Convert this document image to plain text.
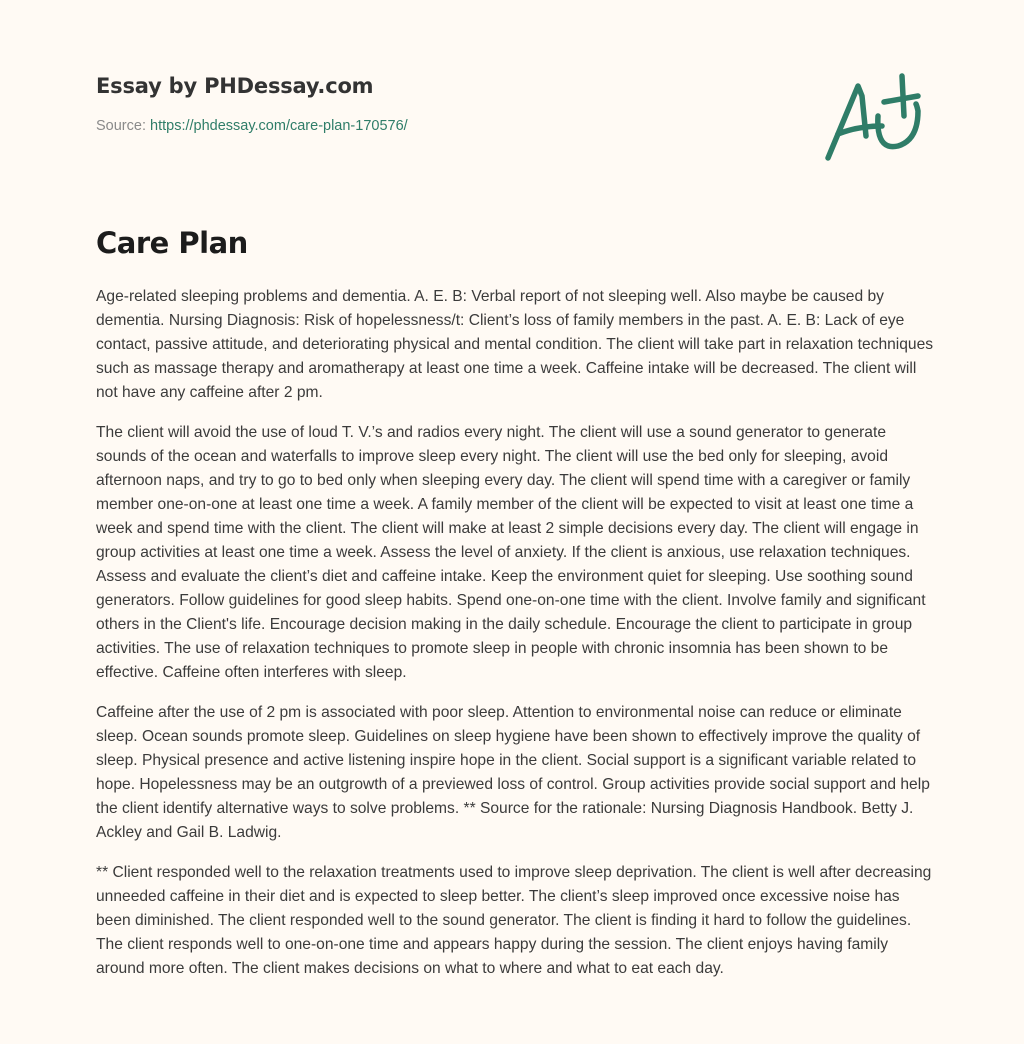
Essay by PHDessay.com
Source: https://phdessay.com/care-plan-170576/
Care Plan

Age-related sleeping problems and dementia. A. E. B: Verbal report of not sleeping well. Also maybe be caused by dementia. Nursing Diagnosis: Risk of hopelessness/t: Client’s loss of family members in the past. A. E. B: Lack of eye contact, passive attitude, and deteriorating physical and mental condition. The client will take part in relaxation techniques such as massage therapy and aromatherapy at least one time a week. Caffeine intake will be decreased. The client will not have any caffeine after 2 pm.

The client will avoid the use of loud T. V.’s and radios every night. The client will use a sound generator to generate sounds of the ocean and waterfalls to improve sleep every night. The client will use the bed only for sleeping, avoid afternoon naps, and try to go to bed only when sleeping every day. The client will spend time with a caregiver or family member one-on-one at least one time a week. A family member of the client will be expected to visit at least one time a week and spend time with the client. The client will make at least 2 simple decisions every day. The client will engage in group activities at least one time a week. Assess the level of anxiety. If the client is anxious, use relaxation techniques. Assess and evaluate the client’s diet and caffeine intake. Keep the environment quiet for sleeping. Use soothing sound generators. Follow guidelines for good sleep habits. Spend one-on-one time with the client. Involve family and significant others in the Client's life. Encourage decision making in the daily schedule. Encourage the client to participate in group activities. The use of relaxation techniques to promote sleep in people with chronic insomnia has been shown to be effective. Caffeine often interferes with sleep.

Caffeine after the use of 2 pm is associated with poor sleep. Attention to environmental noise can reduce or eliminate sleep. Ocean sounds promote sleep. Guidelines on sleep hygiene have been shown to effectively improve the quality of sleep. Physical presence and active listening inspire hope in the client. Social support is a significant variable related to hope. Hopelessness may be an outgrowth of a previewed loss of control. Group activities provide social support and help the client identify alternative ways to solve problems. ** Source for the rationale: Nursing Diagnosis Handbook. Betty J. Ackley and Gail B. Ladwig.

** Client responded well to the relaxation treatments used to improve sleep deprivation. The client is well after decreasing unneeded caffeine in their diet and is expected to sleep better. The client’s sleep improved once excessive noise has been diminished. The client responded well to the sound generator. The client is finding it hard to follow the guidelines. The client responds well to one-on-one time and appears happy during the session. The client enjoys having family around more often. The client makes decisions on what to where and what to eat each day.
